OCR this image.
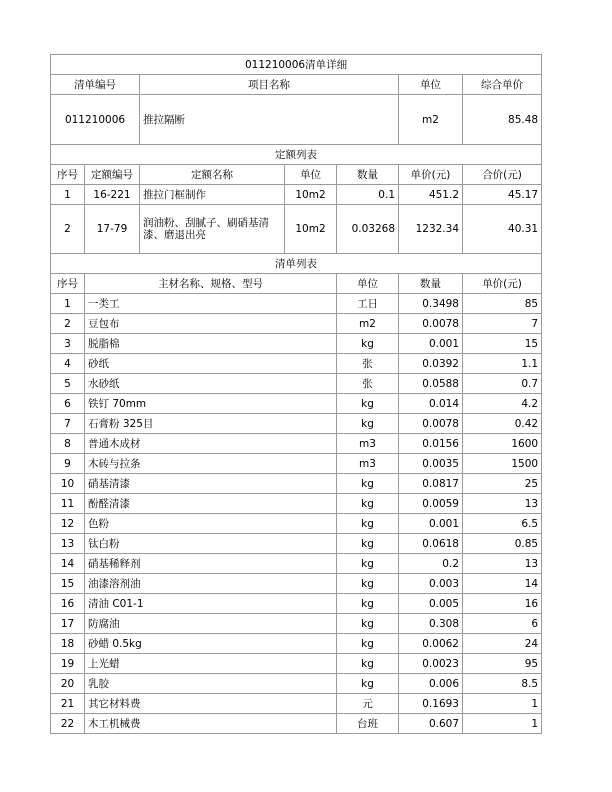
011210006清单详细							
清单编号		项目名称			单位	综合单价	
011210006		推拉隔断			m2	85.48	
定额列表							
序号	定额编号	定额名称	单位	数量	单价(元)	合价(元)	
1	16-221	推拉门框制作	10m2	0.1	451.2	45.17	
2	17-79	润油粉、刮腻子、刷硝基清漆、磨退出亮	10m2	0.03268	1232.34	40.31	
清单列表							
序号	主材名称、规格、型号			单位	数量	单价(元)	
1	一类工			工日	0.3498	85	
2	豆包布			m2	0.0078	7	
3	脱脂棉			kg	0.001	15	
4	砂纸			张	0.0392	1.1	
5	水砂纸			张	0.0588	0.7	
6	铁钉 70mm			kg	0.014	4.2	
7	石膏粉 325目			kg	0.0078	0.42	
8	普通木成材			m3	0.0156	1600	
9	木砖与拉条			m3	0.0035	1500	
10	硝基清漆			kg	0.0817	25	
11	酚醛清漆			kg	0.0059	13	
12	色粉			kg	0.001	6.5	
13	钛白粉			kg	0.0618	0.85	
14	硝基稀释剂			kg	0.2	13	
15	油漆溶剂油			kg	0.003	14	
16	清油 C01-1			kg	0.005	16	
17	防腐油			kg	0.308	6	
18	砂蜡 0.5kg			kg	0.0062	24	
19	上光蜡			kg	0.0023	95	
20	乳胶			kg	0.006	8.5	
21	其它材料费			元	0.1693	1	
22	木工机械费			台班	0.607	1	
